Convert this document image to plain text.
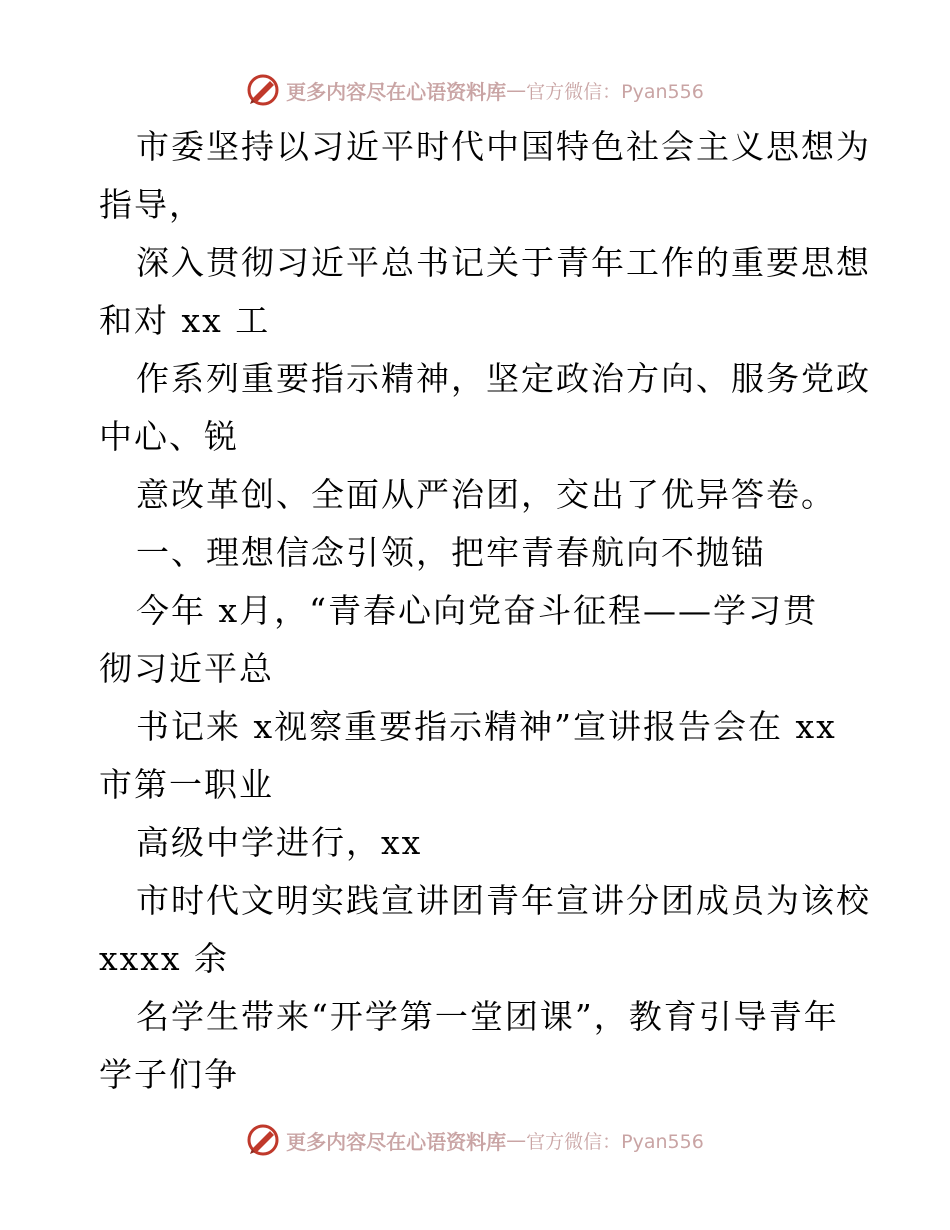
更多内容尽在心语资料库 — 官方微信：Pyan556
市委坚持以习近平时代中国特色社会主义思想为
指导，
深入贯彻习近平总书记关于青年工作的重要思想
和对 xx 工
作系列重要指示精神，坚定政治方向、服务党政
中心、锐
意改革创、全面从严治团，交出了优异答卷。
一、理想信念引领，把牢青春航向不抛锚
今年 x月，“青春心向党奋斗征程——学习贯
彻习近平总
书记来 x视察重要指示精神”宣讲报告会在 xx
市第一职业
高级中学进行，xx
市时代文明实践宣讲团青年宣讲分团成员为该校
xxxx 余
名学生带来“开学第一堂团课”，教育引导青年
学子们争
更多内容尽在心语资料库 — 官方微信：Pyan556
